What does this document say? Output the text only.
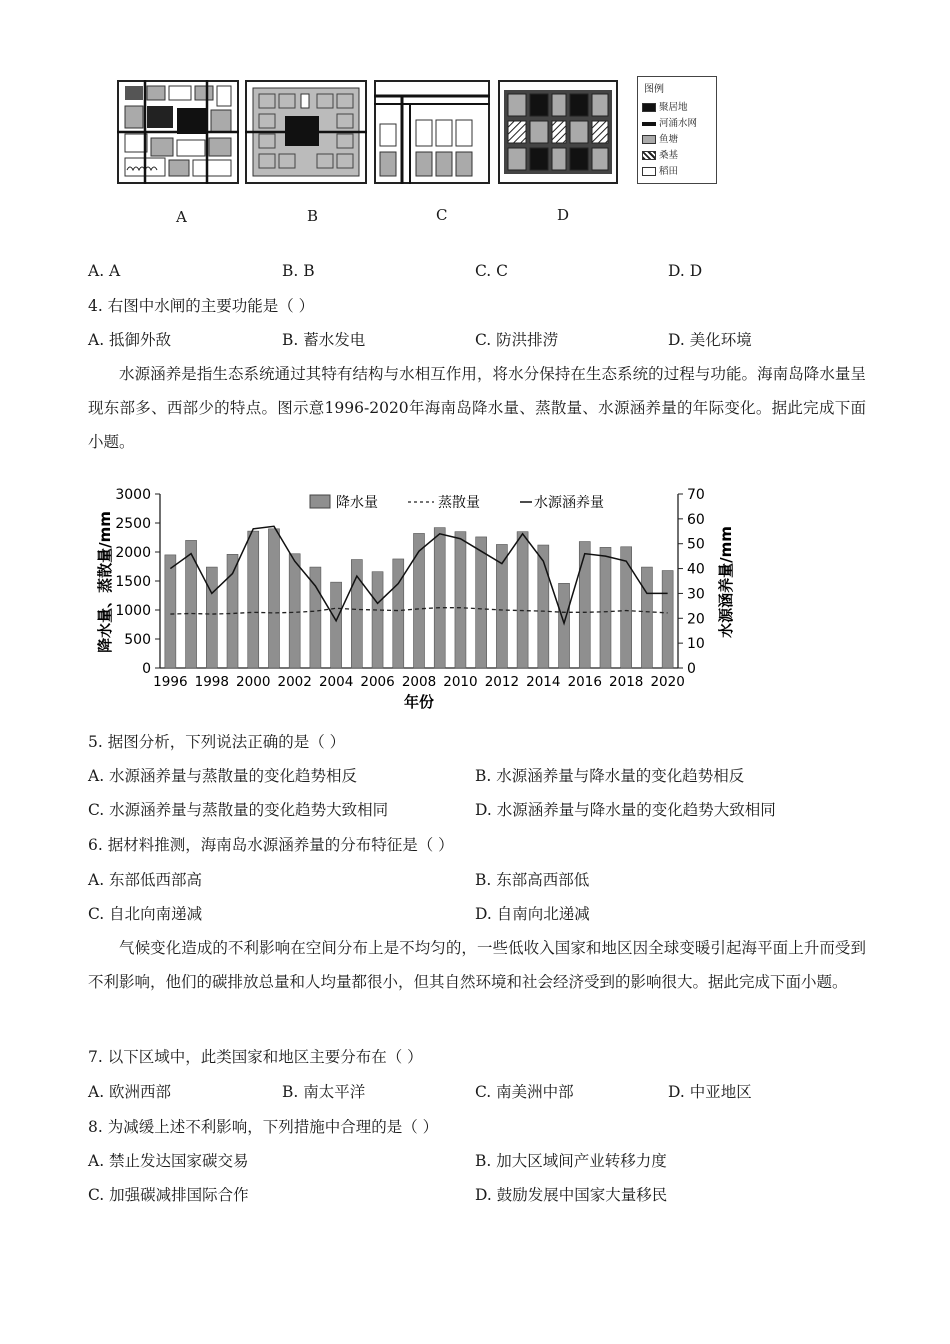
图例
聚居地
河涌水网
鱼塘
桑基
稻田
A	B	C	D
A. A	B. B	C. C	D. D
4. 右图中水闸的主要功能是（ ）
A. 抵御外敌	B. 蓄水发电	C. 防洪排涝	D. 美化环境
水源涵养是指生态系统通过其特有结构与水相互作用，将水分保持在生态系统的过程与功能。海南岛降水量呈现东部多、西部少的特点。图示意1996-2020年海南岛降水量、蒸散量、水源涵养量的年际变化。据此完成下面小题。
0
500
1000
1500
2000
2500
3000
0
10
20
30
40
50
60
70
1996 1998 2000 2002 2004 2006 2008 2010 2012 2014 2016 2018 2020
降水量	蒸散量	水源涵养量
降水量、蒸散量/mm	水源涵养量/mm
年份
5. 据图分析，下列说法正确的是（ ）
A. 水源涵养量与蒸散量的变化趋势相反	B. 水源涵养量与降水量的变化趋势相反
C. 水源涵养量与蒸散量的变化趋势大致相同	D. 水源涵养量与降水量的变化趋势大致相同
6. 据材料推测，海南岛水源涵养量的分布特征是（ ）
A. 东部低西部高	B. 东部高西部低
C. 自北向南递减	D. 自南向北递减
气候变化造成的不利影响在空间分布上是不均匀的，一些低收入国家和地区因全球变暖引起海平面上升而受到不利影响，他们的碳排放总量和人均量都很小，但其自然环境和社会经济受到的影响很大。据此完成下面小题。
7. 以下区域中，此类国家和地区主要分布在（ ）
A. 欧洲西部	B. 南太平洋	C. 南美洲中部	D. 中亚地区
8. 为减缓上述不利影响，下列措施中合理的是（ ）
A. 禁止发达国家碳交易	B. 加大区域间产业转移力度
C. 加强碳减排国际合作	D. 鼓励发展中国家大量移民
